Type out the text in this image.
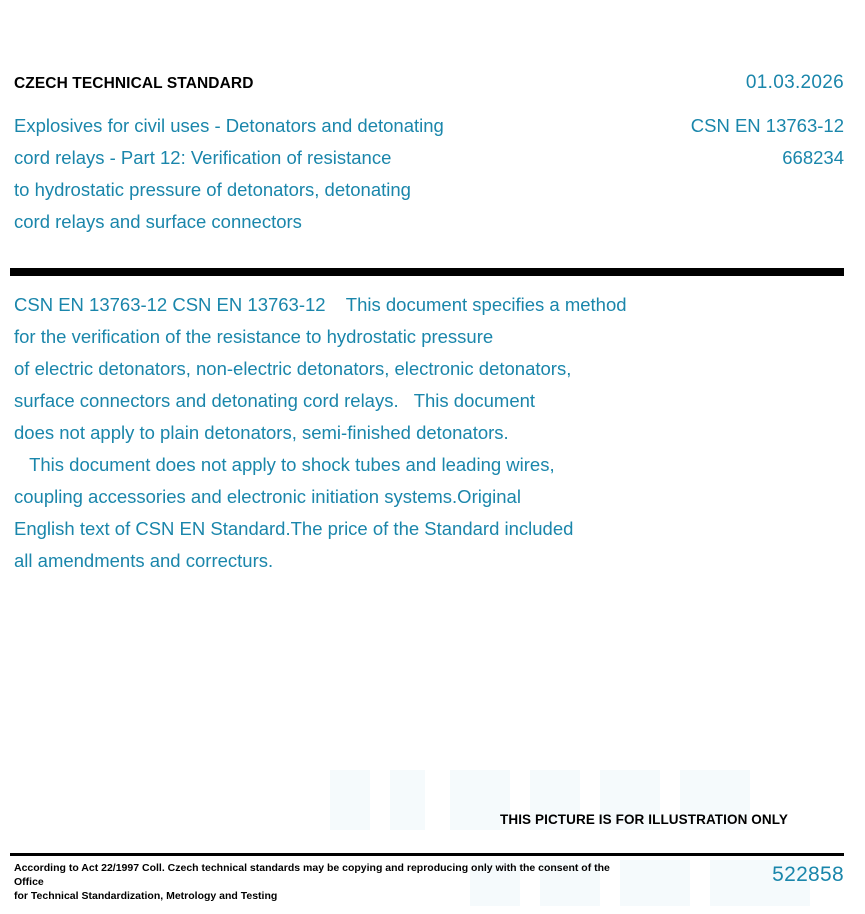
CZECH TECHNICAL STANDARD	01.03.2026
Explosives for civil uses - Detonators and detonating
cord relays - Part 12: Verification of resistance
to hydrostatic pressure of detonators, detonating
cord relays and surface connectors
CSN EN 13763-12
668234
CSN EN 13763-12 CSN EN 13763-12    This document specifies a method
for the verification of the resistance to hydrostatic pressure
of electric detonators, non-electric detonators, electronic detonators,
surface connectors and detonating cord relays.   This document
does not apply to plain detonators, semi-finished detonators.
This document does not apply to shock tubes and leading wires,
coupling accessories and electronic initiation systems.Original
English text of CSN EN Standard.The price of the Standard included
all amendments and correcturs.
THIS PICTURE IS FOR ILLUSTRATION ONLY
According to Act 22/1997 Coll. Czech technical standards may be copying and reproducing only with the consent of the Office
for Technical Standardization, Metrology and Testing
522858
